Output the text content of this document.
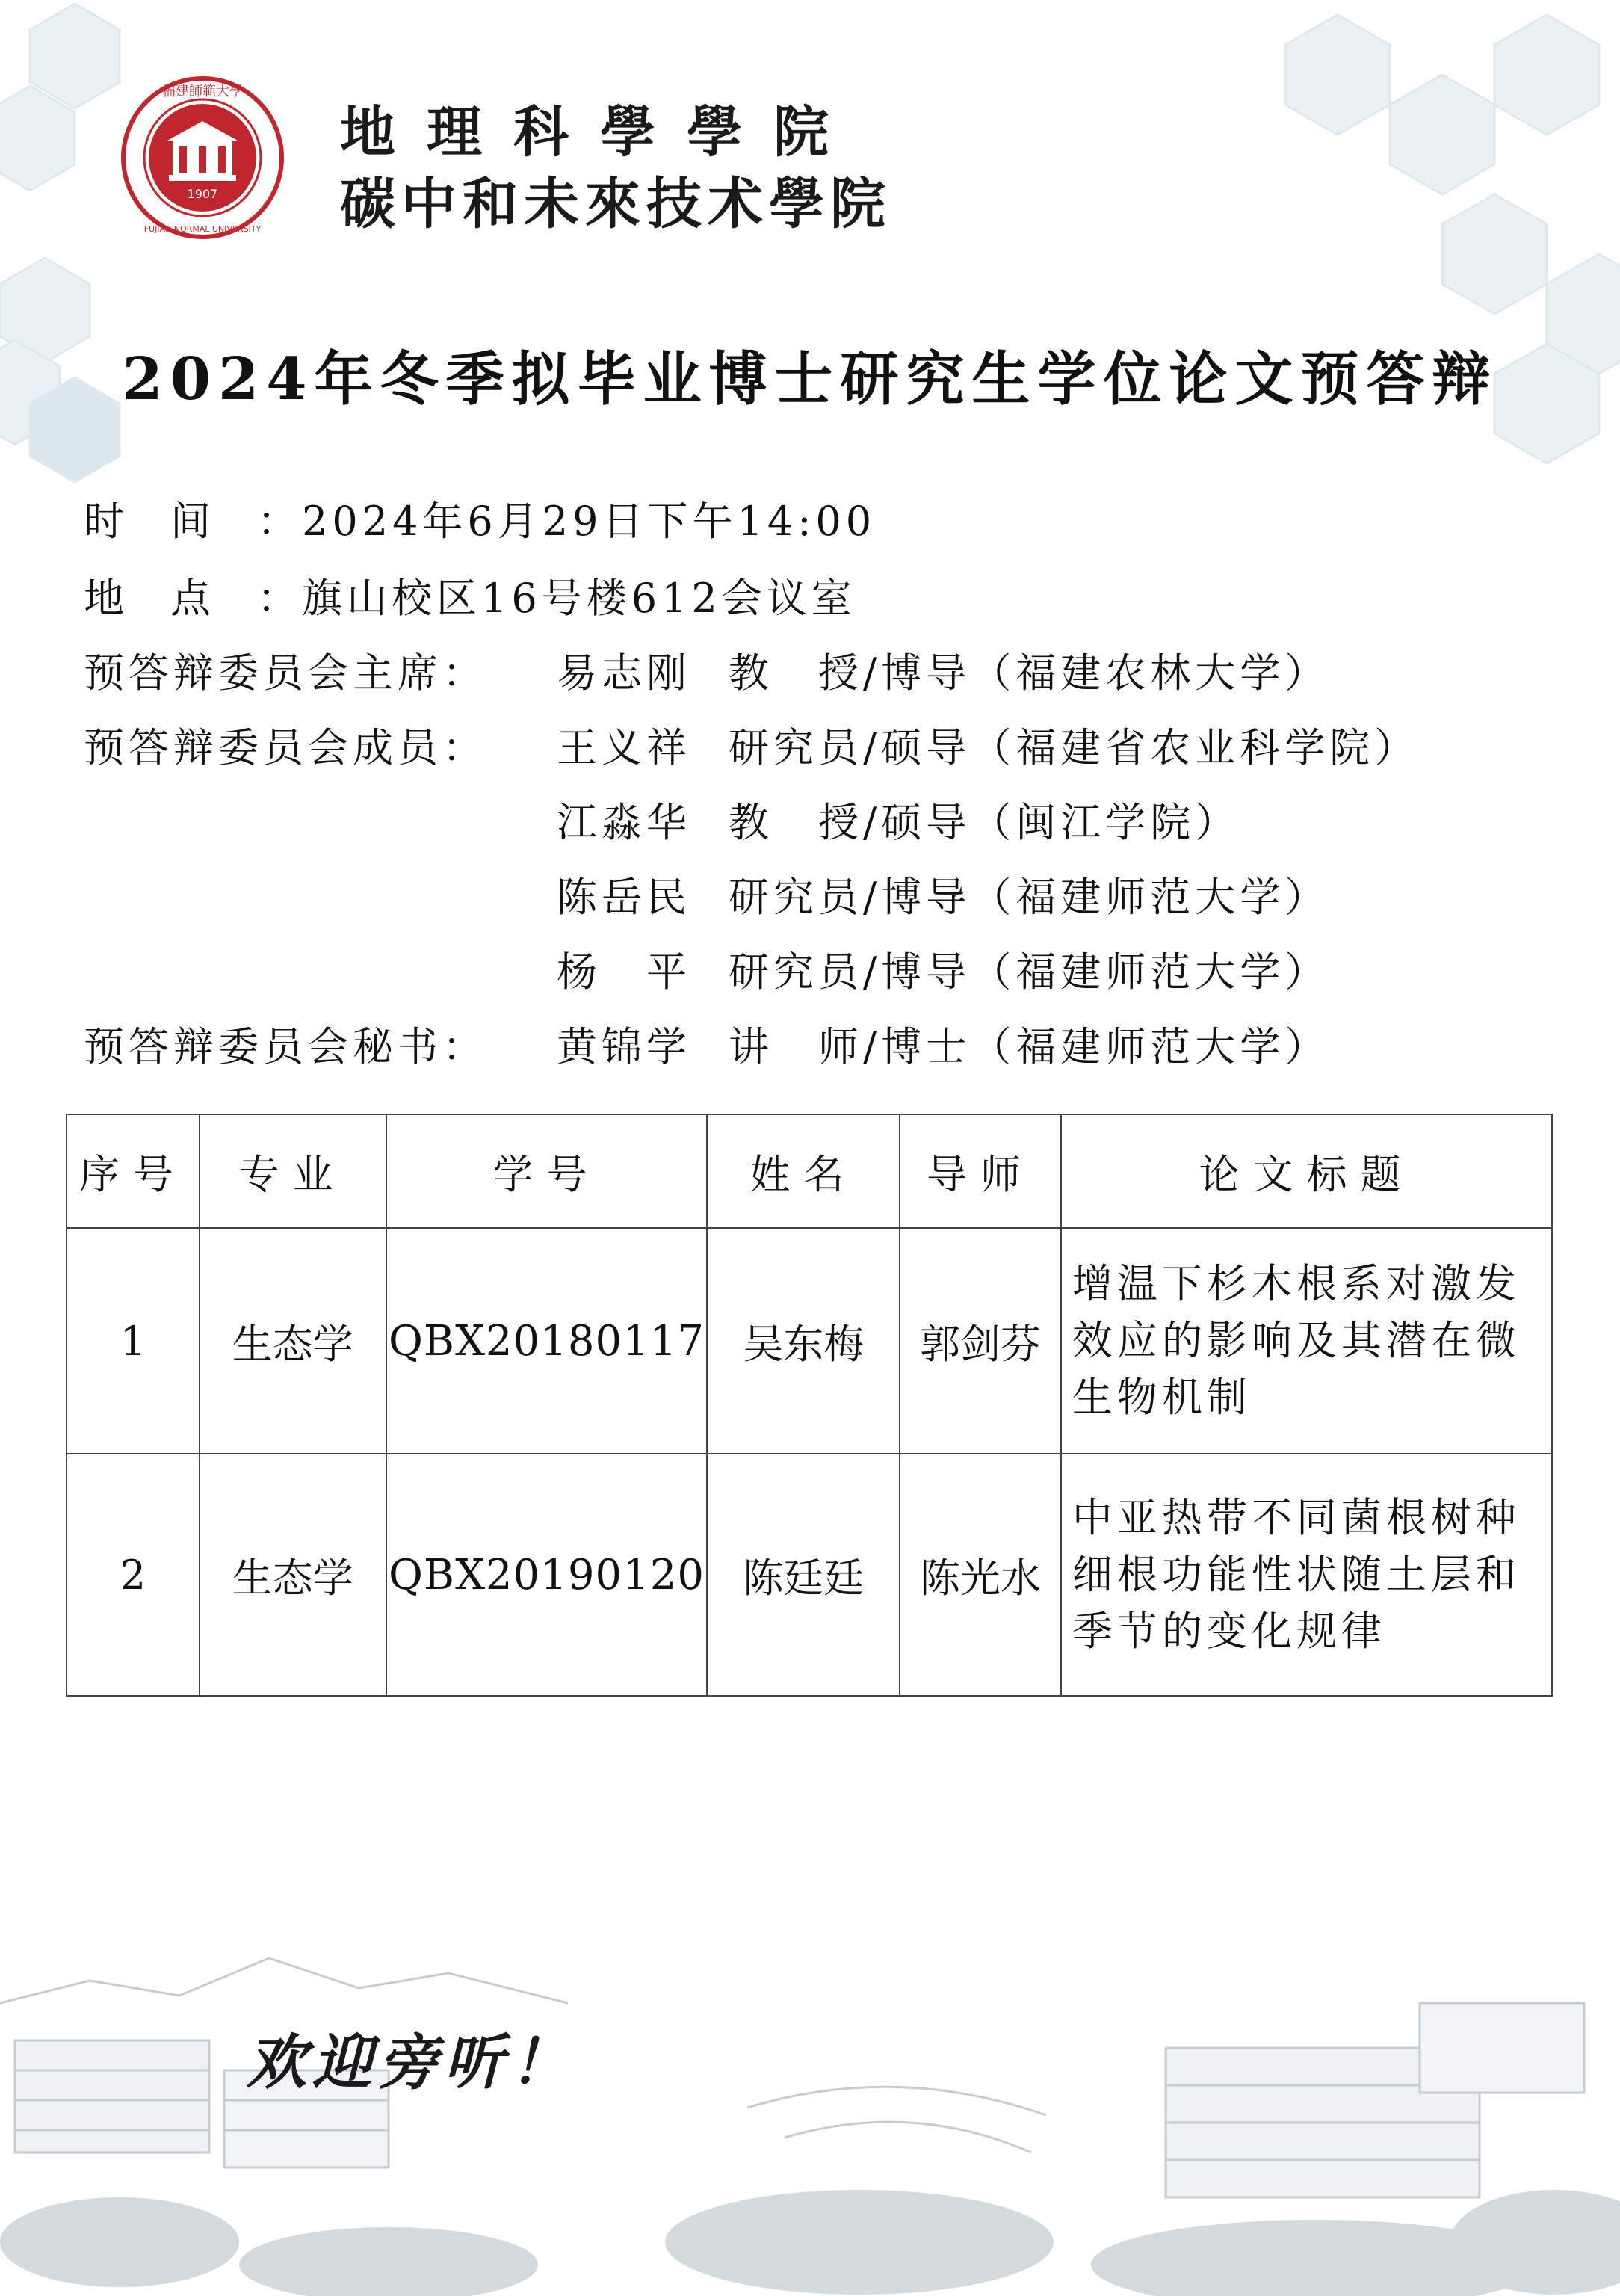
1907
福建師範大學
FUJIAN NORMAL UNIVERSITY
地理科學學院
碳中和未來技术學院
2024年冬季拟毕业博士研究生学位论文预答辩
时间：2024年6月29日下午14:00
地点：旗山校区16号楼612会议室
预答辩委员会主席： 易志刚 教　授/博导（福建农林大学）
预答辩委员会成员： 王义祥 研究员/硕导（福建省农业科学院）
江淼华 教　授/硕导（闽江学院）
陈岳民 研究员/博导（福建师范大学）
杨　平 研究员/博导（福建师范大学）
预答辩委员会秘书： 黄锦学 讲　师/博士（福建师范大学）
序号	专业	学号	姓名	导师	论文标题
1	生态学	QBX20180117	吴东梅	郭剑芬	增温下杉木根系对激发效应的影响及其潜在微生物机制
2	生态学	QBX20190120	陈廷廷	陈光水	中亚热带不同菌根树种细根功能性状随土层和季节的变化规律
欢迎旁听！
